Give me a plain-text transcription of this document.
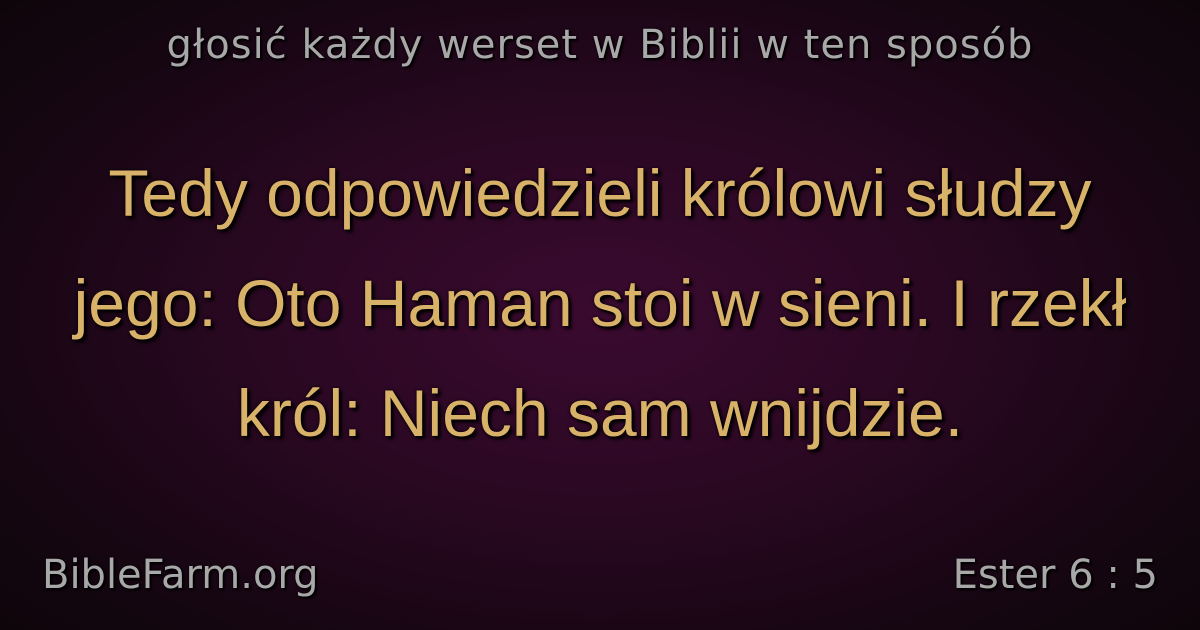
głosić każdy werset w Biblii w ten sposób
Tedy odpowiedzieli królowi słudzy jego: Oto Haman stoi w sieni. I rzekł król: Niech sam wnijdzie.
BibleFarm.org	Ester 6 : 5
